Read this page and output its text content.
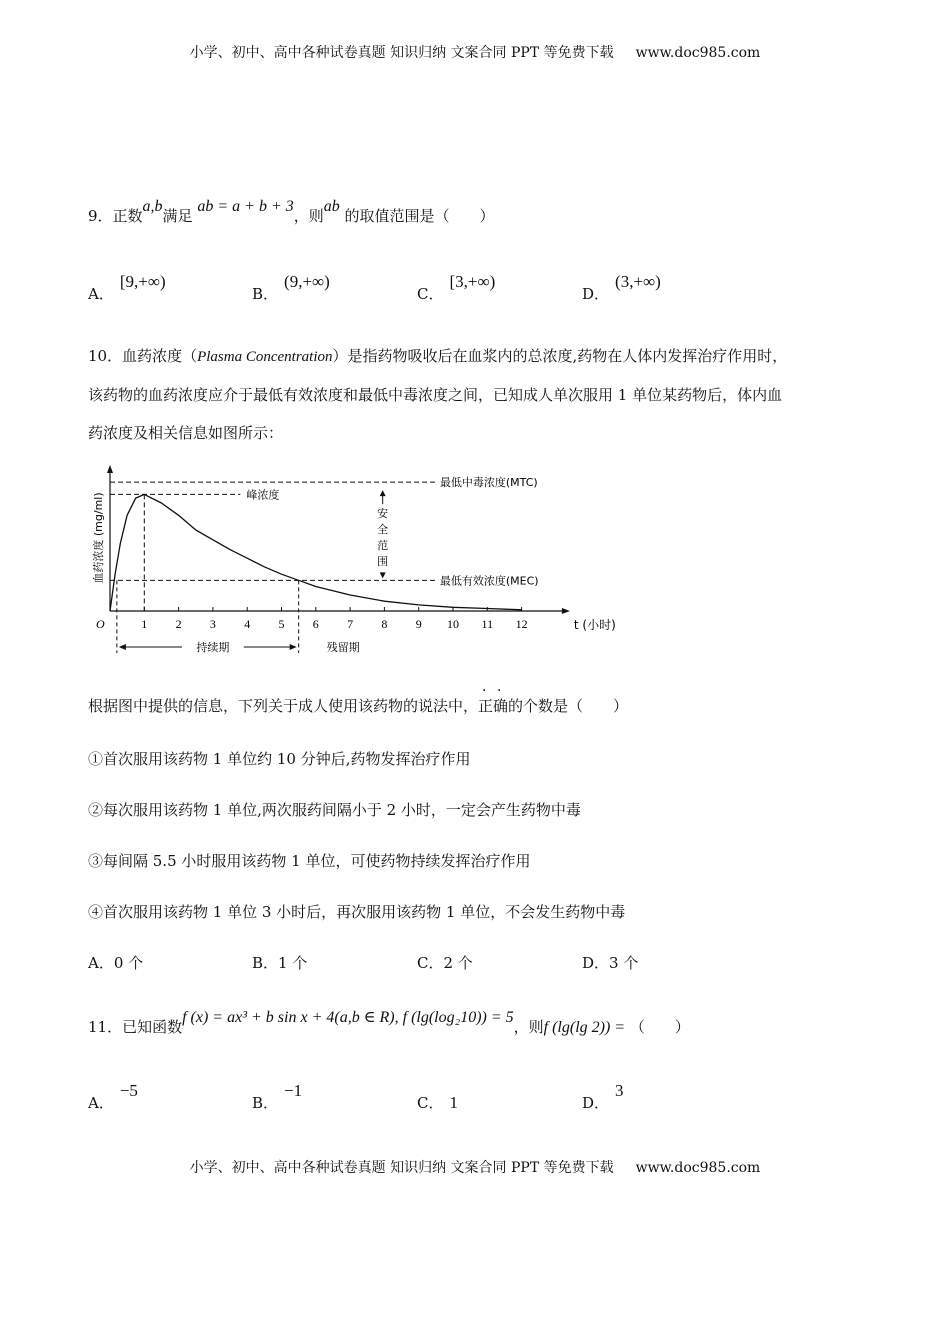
小学、初中、高中各种试卷真题 知识归纳 文案合同 PPT 等免费下载 www.doc985.com
9．正数a,b满足 ab = a + b + 3，则ab 的取值范围是（　　）
A．[9,+∞)
B．(9,+∞)
C．[3,+∞)
D．(3,+∞)
10．血药浓度（Plasma Concentration）是指药物吸收后在血浆内的总浓度,药物在人体内发挥治疗作用时，
该药物的血药浓度应介于最低有效浓度和最低中毒浓度之间，已知成人单次服用 1 单位某药物后，体内血
药浓度及相关信息如图所示：
O	1 2 3 4 5 6 7 8 9 10 11 12	t (小时)
血药浓度 (mg/ml)
最低中毒浓度(MTC)
峰浓度
最低有效浓度(MEC)
安
全
范
围
持续期	残留期
根据图中提供的信息，下列关于成人使用该药物的说法中，正确的个数是（　　）
①首次服用该药物 1 单位约 10 分钟后,药物发挥治疗作用
②每次服用该药物 1 单位,两次服药间隔小于 2 小时，一定会产生药物中毒
③每间隔 5.5 小时服用该药物 1 单位，可使药物持续发挥治疗作用
④首次服用该药物 1 单位 3 小时后，再次服用该药物 1 单位，不会发生药物中毒
A．0 个	B．1 个	C．2 个	D．3 个
11．已知函数f (x) = ax³ + b sin x + 4(a,b ∈ R), f (lg(log₂10)) = 5，则f (lg(lg 2)) = （　　）
A．−5
B．−1
C． 1	D．3
小学、初中、高中各种试卷真题 知识归纳 文案合同 PPT 等免费下载 www.doc985.com
